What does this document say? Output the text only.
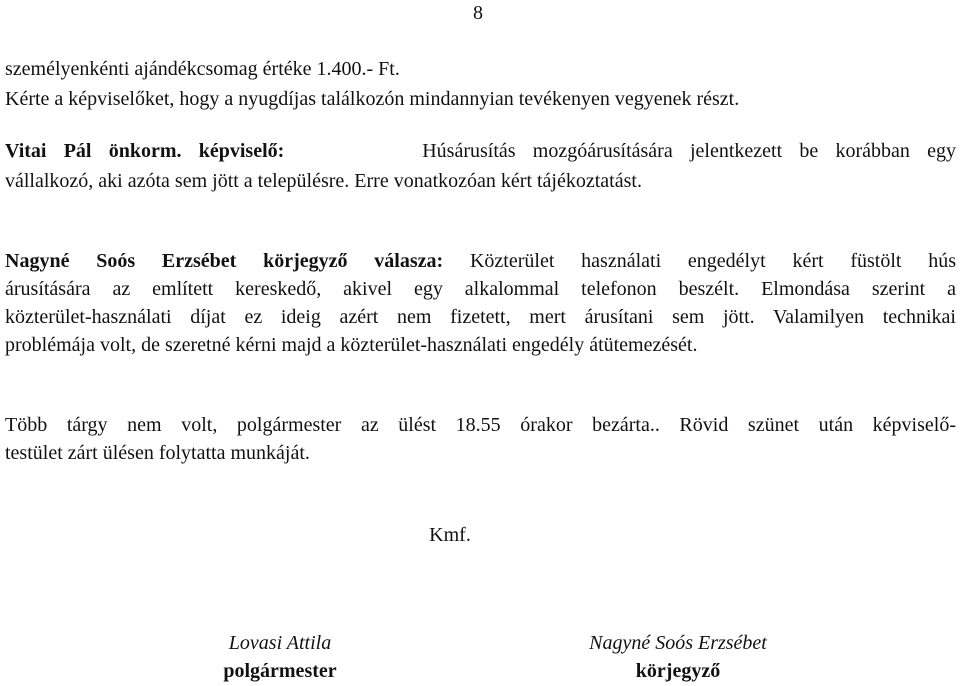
8
személyenkénti ajándékcsomag értéke 1.400.- Ft.
Kérte a képviselőket, hogy a nyugdíjas találkozón mindannyian tevékenyen vegyenek részt.
Vitai Pál önkorm. képviselő:	Húsárusítás mozgóárusítására jelentkezett be korábban egy
vállalkozó, aki azóta sem jött a településre. Erre vonatkozóan kért tájékoztatást.
Nagyné Soós Erzsébet körjegyző válasza: Közterület használati engedélyt kért füstölt hús
árusítására az említett kereskedő, akivel egy alkalommal telefonon beszélt. Elmondása szerint a
közterület-használati díjat ez ideig azért nem fizetett, mert árusítani sem jött. Valamilyen technikai
problémája volt, de szeretné kérni majd a közterület-használati engedély átütemezését.
Több tárgy nem volt, polgármester az ülést 18.55 órakor bezárta.. Rövid szünet után képviselő-
testület zárt ülésen folytatta munkáját.
Kmf.
Lovasi Attila
polgármester
Nagyné Soós Erzsébet
körjegyző
